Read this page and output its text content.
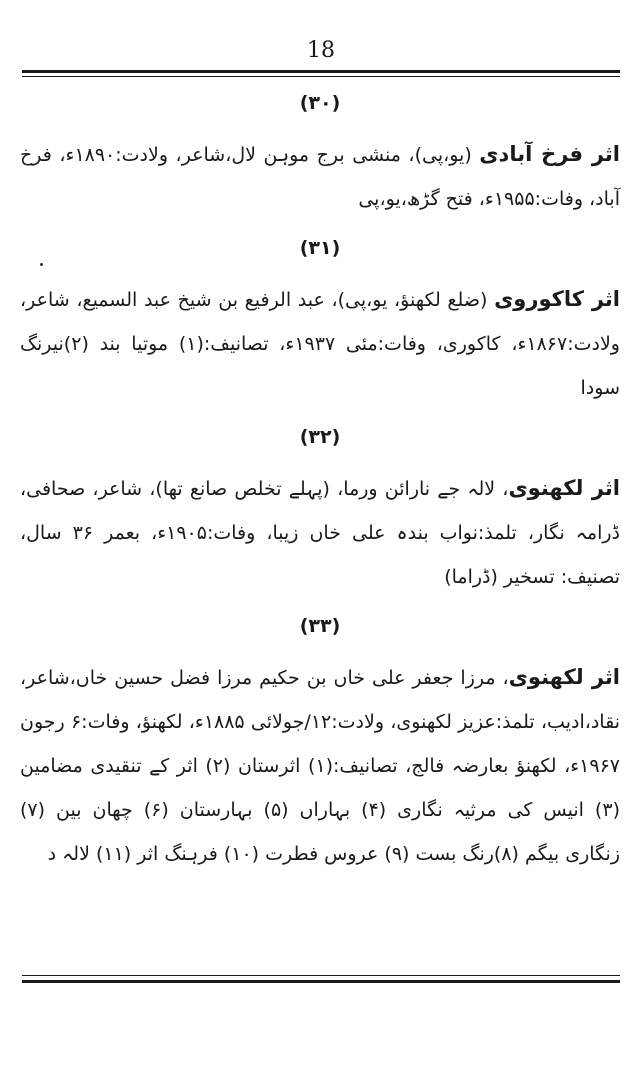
18
(۳۰)
اثر فرخ آبادی (یو،پی)، منشی برج موہن لال،شاعر، ولادت:۱۸۹۰ء، فرخ آباد، وفات:۱۹۵۵ء، فتح گڑھ،یو،پی
(۳۱)
اثر کاکوروی (ضلع لکھنؤ، یو،پی)، عبد الرفیع بن شیخ عبد السمیع، شاعر، ولادت:۱۸۶۷ء، کاکوری، وفات:مئی ۱۹۳۷ء، تصانیف:(۱) موتیا بند (۲)نیرنگ سودا
(۳۲)
اثر لکھنوی، لالہ جے نارائن ورما، (پہلے تخلص صانع تھا)، شاعر، صحافی، ڈرامہ نگار، تلمذ:نواب بندہ علی خاں زیبا، وفات:۱۹۰۵ء، بعمر ۳۶ سال، تصنیف: تسخیر (ڈراما)
(۳۳)
اثر لکھنوی، مرزا جعفر علی خاں بن حکیم مرزا فضل حسین خاں،شاعر، نقاد،ادیب، تلمذ:عزیز لکھنوی، ولادت:۱۲/جولائی ۱۸۸۵ء، لکھنؤ، وفات:۶ رجون ۱۹۶۷ء، لکھنؤ بعارضہ فالج، تصانیف:(۱) اثرستان (۲) اثر کے تنقیدی مضامین (۳) انیس کی مرثیہ نگاری (۴) بہاراں (۵) بہارستان (۶) چھان بین (۷) زنگاری بیگم (۸)رنگ بست (۹) عروس فطرت (۱۰) فرہنگ اثر (۱۱) لالہ د
